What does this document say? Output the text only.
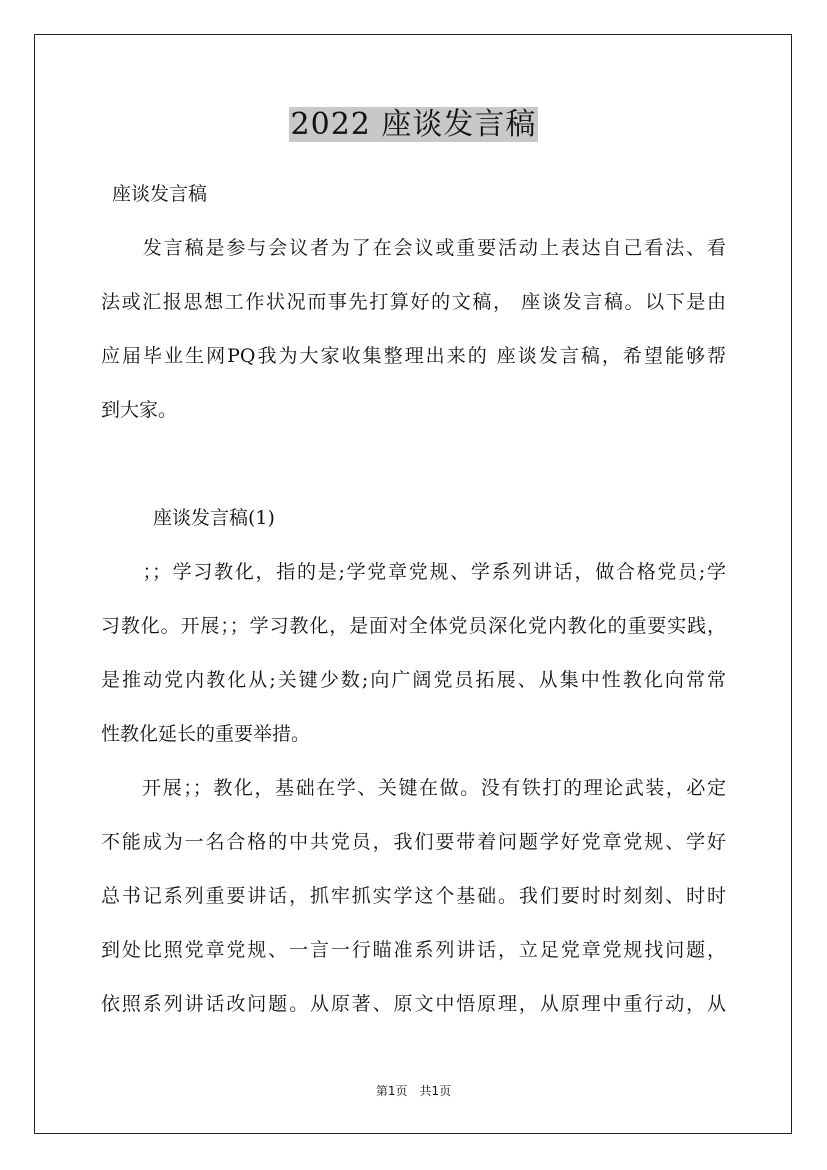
2022 座谈发言稿

座谈发言稿

　　发言稿是参与会议者为了在会议或重要活动上表达自己看法、看

法或汇报思想工作状况而事先打算好的文稿， 座谈发言稿。以下是由

应届毕业生网PQ我为大家收集整理出来的 座谈发言稿，希望能够帮

到大家。

座谈发言稿(1)

　　；；学习教化，指的是;学党章党规、学系列讲话，做合格党员;学

习教化。开展；；学习教化，是面对全体党员深化党内教化的重要实践，

是推动党内教化从;关键少数;向广阔党员拓展、从集中性教化向常常

性教化延长的重要举措。

　　开展；；教化，基础在学、关键在做。没有铁打的理论武装，必定

不能成为一名合格的中共党员，我们要带着问题学好党章党规、学好

总书记系列重要讲话，抓牢抓实学这个基础。我们要时时刻刻、时时

到处比照党章党规、一言一行瞄准系列讲话，立足党章党规找问题，

依照系列讲话改问题。从原著、原文中悟原理，从原理中重行动，从

第1页　共1页
